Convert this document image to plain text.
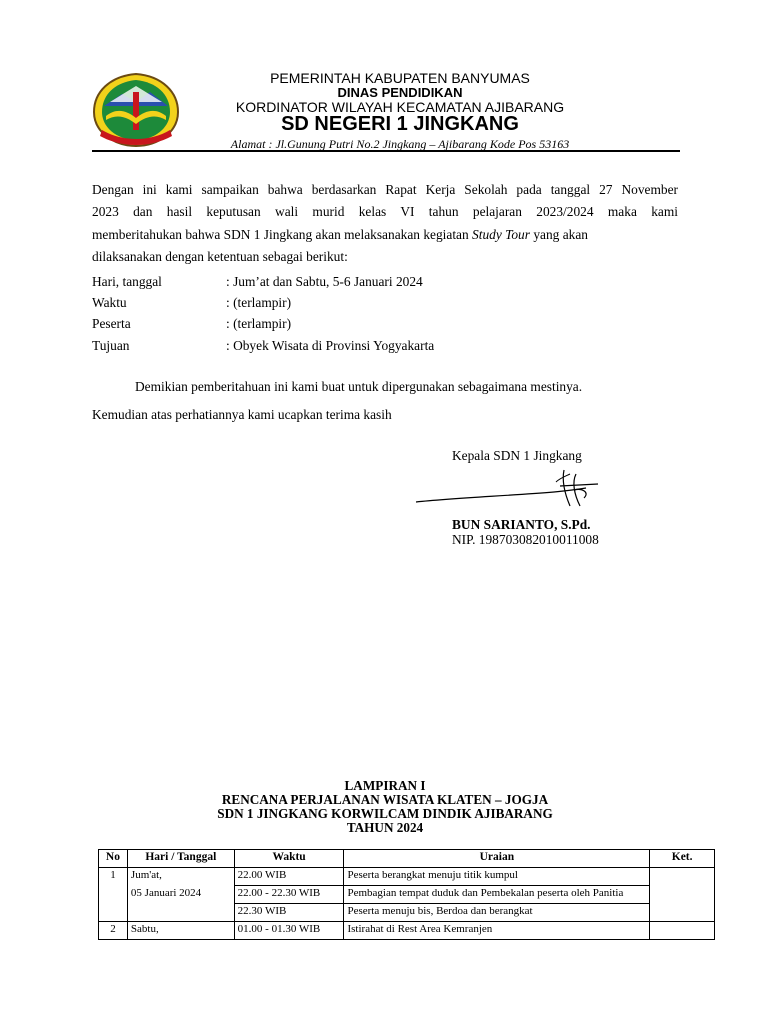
PEMERINTAH KABUPATEN BANYUMAS
DINAS PENDIDIKAN
KORDINATOR WILAYAH KECAMATAN AJIBARANG
SD NEGERI 1 JINGKANG
Alamat : Jl.Gunung Putri No.2 Jingkang – Ajibarang Kode Pos 53163
Dengan ini kami sampaikan bahwa berdasarkan Rapat Kerja Sekolah pada tanggal 27 November
2023 dan hasil keputusan wali murid kelas VI tahun pelajaran 2023/2024 maka kami
memberitahukan bahwa SDN 1 Jingkang akan melaksanakan kegiatan Study Tour yang akan
dilaksanakan dengan ketentuan sebagai berikut:
Hari, tanggal	: Jum’at dan Sabtu, 5-6 Januari 2024
Waktu	: (terlampir)
Peserta	: (terlampir)
Tujuan	: Obyek Wisata di Provinsi Yogyakarta
Demikian pemberitahuan ini kami buat untuk dipergunakan sebagaimana mestinya.
Kemudian atas perhatiannya kami ucapkan terima kasih
Kepala SDN 1 Jingkang
BUN SARIANTO, S.Pd.
NIP. 198703082010011008
LAMPIRAN I
RENCANA PERJALANAN WISATA KLATEN – JOGJA
SDN 1 JINGKANG KORWILCAM DINDIK AJIBARANG
TAHUN 2024
No	Hari / Tanggal	Waktu	Uraian	Ket.
1	Jum'at,	22.00 WIB	Peserta berangkat menuju titik kumpul	
	05 Januari 2024	22.00 - 22.30 WIB	Pembagian tempat duduk dan Pembekalan peserta oleh Panitia	
		22.30 WIB	Peserta menuju bis, Berdoa dan berangkat	
2	Sabtu,	01.00 - 01.30 WIB	Istirahat di Rest Area Kemranjen	
